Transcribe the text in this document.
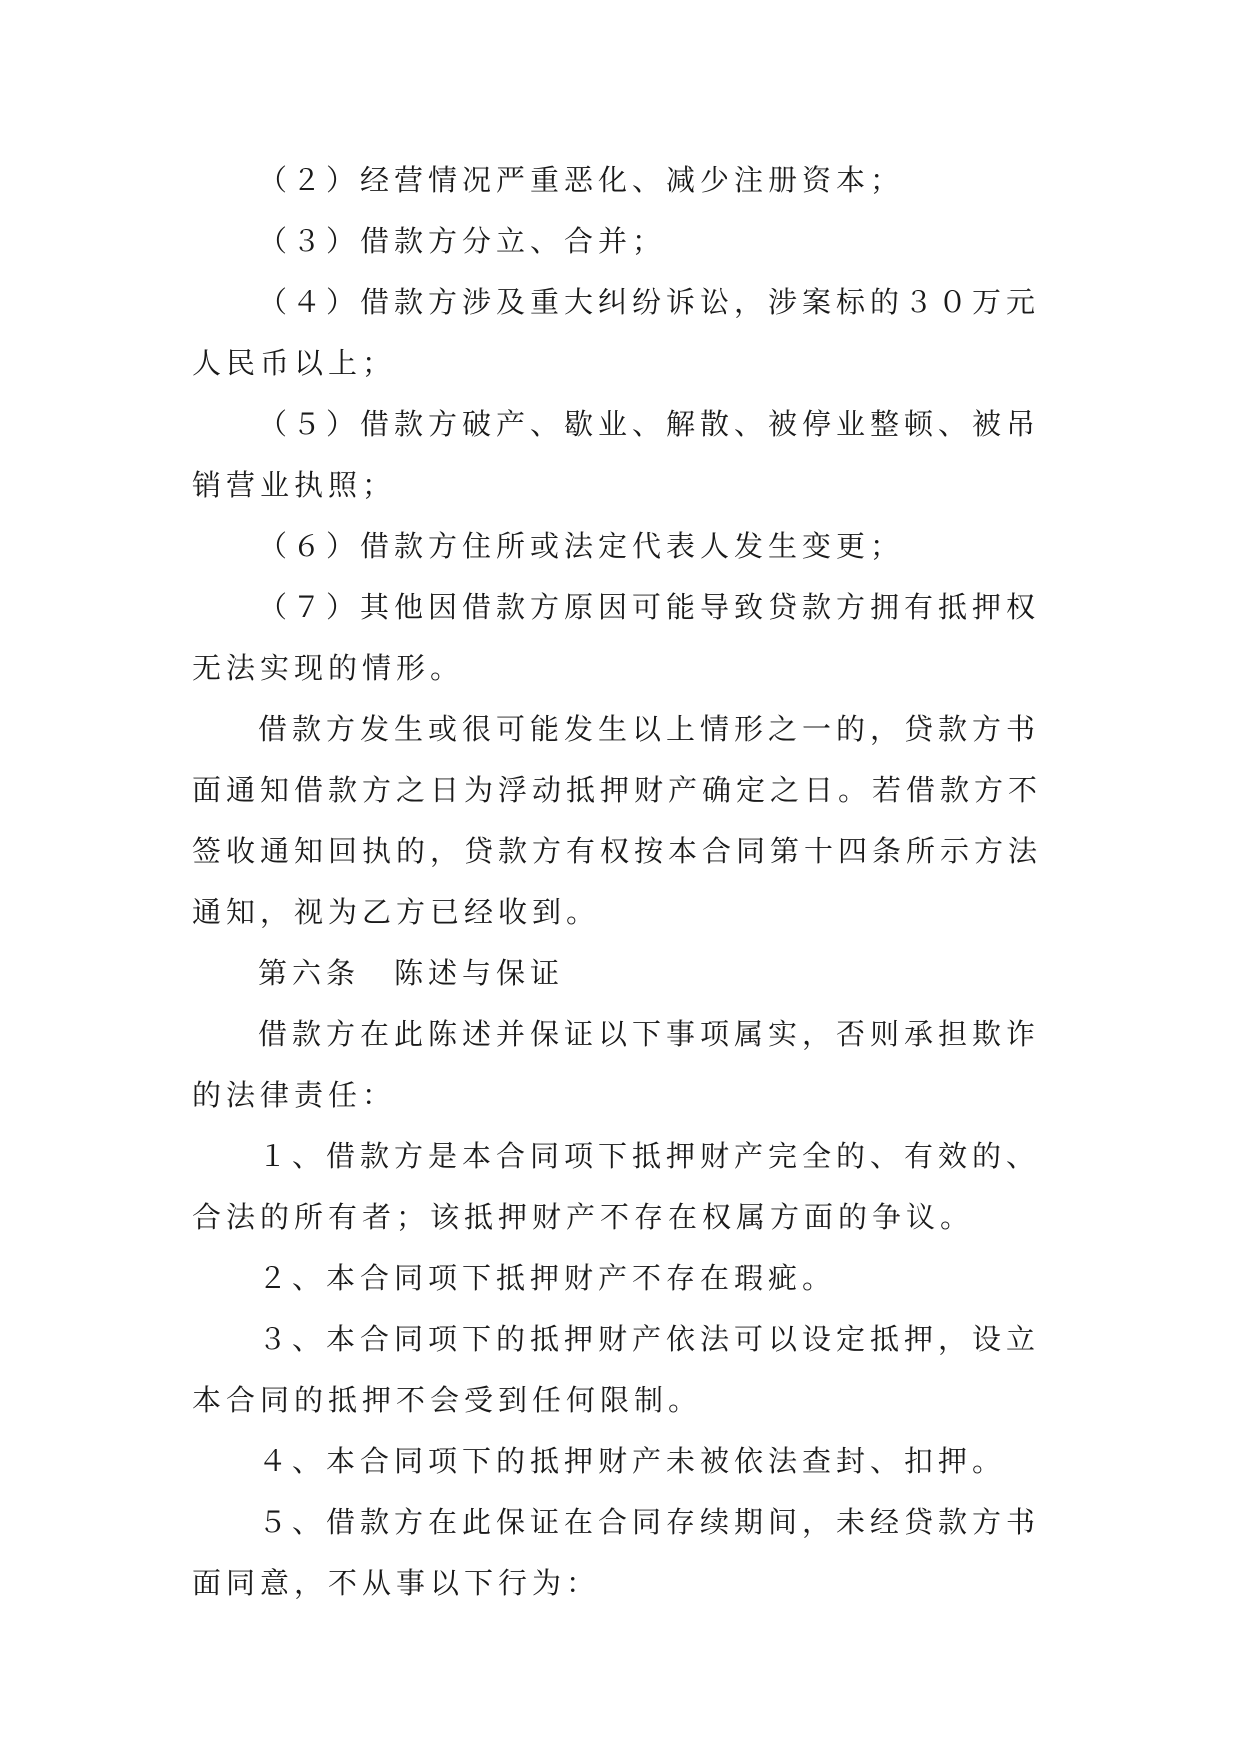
（２）经营情况严重恶化、减少注册资本；

（３）借款方分立、合并；

（４）借款方涉及重大纠纷诉讼，涉案标的３０万元人民币以上；

（５）借款方破产、歇业、解散、被停业整顿、被吊销营业执照；

（６）借款方住所或法定代表人发生变更；

（７）其他因借款方原因可能导致贷款方拥有抵押权无法实现的情形。

借款方发生或很可能发生以上情形之一的，贷款方书面通知借款方之日为浮动抵押财产确定之日。若借款方不签收通知回执的，贷款方有权按本合同第十四条所示方法通知，视为乙方已经收到。

第六条　陈述与保证

借款方在此陈述并保证以下事项属实，否则承担欺诈的法律责任：

１、借款方是本合同项下抵押财产完全的、有效的、合法的所有者；该抵押财产不存在权属方面的争议。

２、本合同项下抵押财产不存在瑕疵。

３、本合同项下的抵押财产依法可以设定抵押，设立本合同的抵押不会受到任何限制。

４、本合同项下的抵押财产未被依法查封、扣押。

５、借款方在此保证在合同存续期间，未经贷款方书面同意，不从事以下行为：
